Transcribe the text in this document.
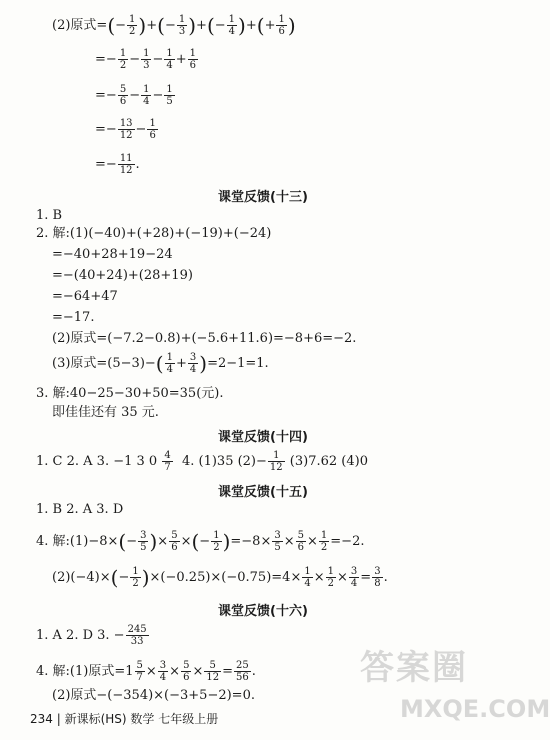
(2)原式=(− $\frac{1}{2}$ )+(− $\frac{1}{3}$ )+(− $\frac{1}{4}$ )+(+ $\frac{1}{6}$ )
=− $\frac{1}{2} - \frac{1}{3} - \frac{1}{4} + \frac{1}{6}$
=− $\frac{5}{6} - \frac{1}{4} - \frac{1}{5}$
=− $\frac{13}{12} - \frac{1}{6}$
=− $\frac{11}{12}$ .
课堂反馈(十三)
1. B
2. 解:(1)(−40)+(+28)+(−19)+(−24)
=−40+28+19−24
=−(40+24)+(28+19)
=−64+47
=−17.
(2)原式=(−7.2−0.8)+(−5.6+11.6)=−8+6=−2.
(3)原式$=(5-3)-( \frac{1}{4} + \frac{3}{4} )=2-1=1$.
3. 解:40−25−30+50=35(元).
即佳佳还有 35 元.
课堂反馈(十四)
1. C 2. A 3. −1 3 $0 \frac{4}{7} 4$. (1)35 $(2)- \frac{1}{12} (3)7.62$ (4)0
课堂反馈(十五)
1. B 2. A 3. D
4. 解:(1)−8×(− $\frac{3}{5}$ )× $\frac{5}{6}$ ×(− $\frac{1}{2} )=-8\times \frac{3}{5} \times \frac{5}{6} \times \frac{1}{2} =-2$.
$(2)(-4)\times(- \frac{1}{2} )\times(-0.25)\times(-0.75)=4\times \frac{1}{4} \times \frac{1}{2} \times \frac{3}{4} = \frac{3}{8}$ .
课堂反馈(十六)
1. A 2. D 3. − $\frac{245}{33}$
4. 解:(1)原式$=1 \frac{5}{7} \times \frac{3}{4} \times \frac{5}{6} \times \frac{5}{12} = \frac{25}{56}$ .
(2)原式−(−354)×(−3+5−2)=0.
234 | 新课标(HS) 数学 七年级上册
答案圈
MXQE.COM
